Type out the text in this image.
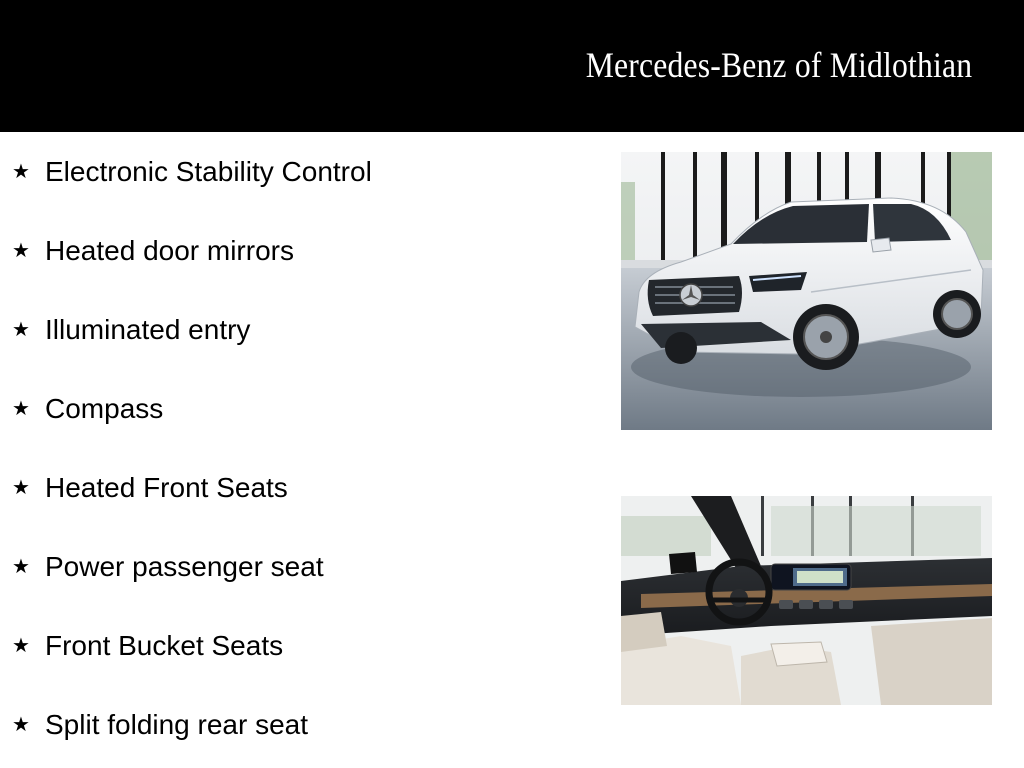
Mercedes-Benz of Midlothian
★ Electronic Stability Control
★ Heated door mirrors
★ Illuminated entry
★ Compass
★ Heated Front Seats
★ Power passenger seat
★ Front Bucket Seats
★ Split folding rear seat
